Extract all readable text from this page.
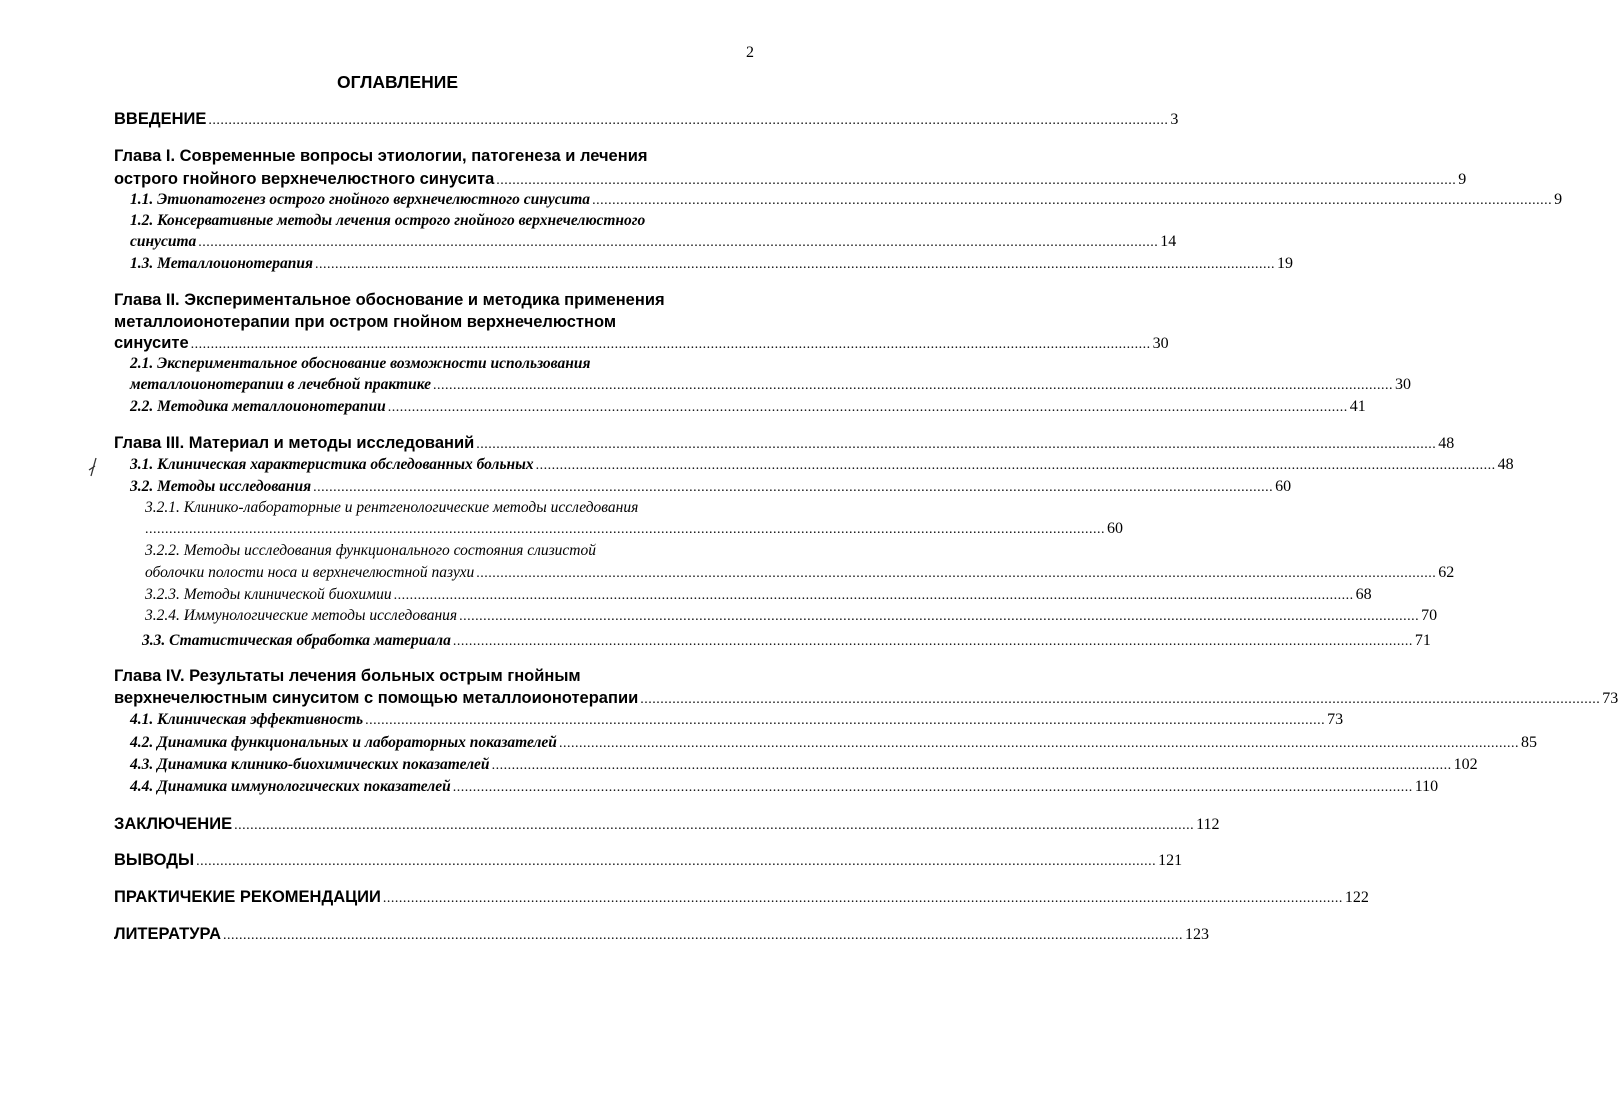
2
ОГЛАВЛЕНИЕ
ВВЕДЕНИЕ ................................................................................................................................................................................................................................................ 3
Глава I. Современные вопросы этиологии, патогенеза и лечения
острого гнойного верхнечелюстного синусита ................................................................................................................................................................................................................................................ 9
1.1. Этиопатогенез острого гнойного верхнечелюстного синусита ................................................................................................................................................................................................................................................ 9
1.2. Консервативные методы лечения острого гнойного верхнечелюстного
синусита ................................................................................................................................................................................................................................................ 14
1.3. Металлоионотерапия ................................................................................................................................................................................................................................................ 19
Глава II. Экспериментальное обоснование и методика применения
металлоионотерапии при остром гнойном верхнечелюстном
синусите ................................................................................................................................................................................................................................................ 30
2.1. Экспериментальное обоснование возможности использования
металлоионотерапии в лечебной практике ................................................................................................................................................................................................................................................ 30
2.2. Методика металлоионотерапии ................................................................................................................................................................................................................................................ 41
Глава III. Материал и методы исследований ................................................................................................................................................................................................................................................ 48
3.1. Клиническая характеристика обследованных больных ................................................................................................................................................................................................................................................ 48
3.2. Методы исследования ................................................................................................................................................................................................................................................ 60
3.2.1. Клинико-лабораторные и рентгенологические методы исследования
................................................................................................................................................................................................................................................ 60
3.2.2. Методы исследования функционального состояния слизистой
оболочки полости носа и верхнечелюстной пазухи ................................................................................................................................................................................................................................................ 62
3.2.3. Методы клинической биохимии ................................................................................................................................................................................................................................................ 68
3.2.4. Иммунологические методы исследования ................................................................................................................................................................................................................................................ 70
3.3. Статистическая обработка материала ................................................................................................................................................................................................................................................ 71
Глава IV. Результаты лечения больных острым гнойным
верхнечелюстным синуситом с помощью металлоионотерапии ................................................................................................................................................................................................................................................ 73
4.1. Клиническая эффективность ................................................................................................................................................................................................................................................ 73
4.2. Динамика функциональных и лабораторных показателей ................................................................................................................................................................................................................................................ 85
4.3. Динамика клинико-биохимических показателей ................................................................................................................................................................................................................................................ 102
4.4. Динамика иммунологических показателей ................................................................................................................................................................................................................................................ 110
ЗАКЛЮЧЕНИЕ ................................................................................................................................................................................................................................................ 112
ВЫВОДЫ ................................................................................................................................................................................................................................................ 121
ПРАКТИЧЕКИЕ РЕКОМЕНДАЦИИ ................................................................................................................................................................................................................................................ 122
ЛИТЕРАТУРА ................................................................................................................................................................................................................................................ 123
